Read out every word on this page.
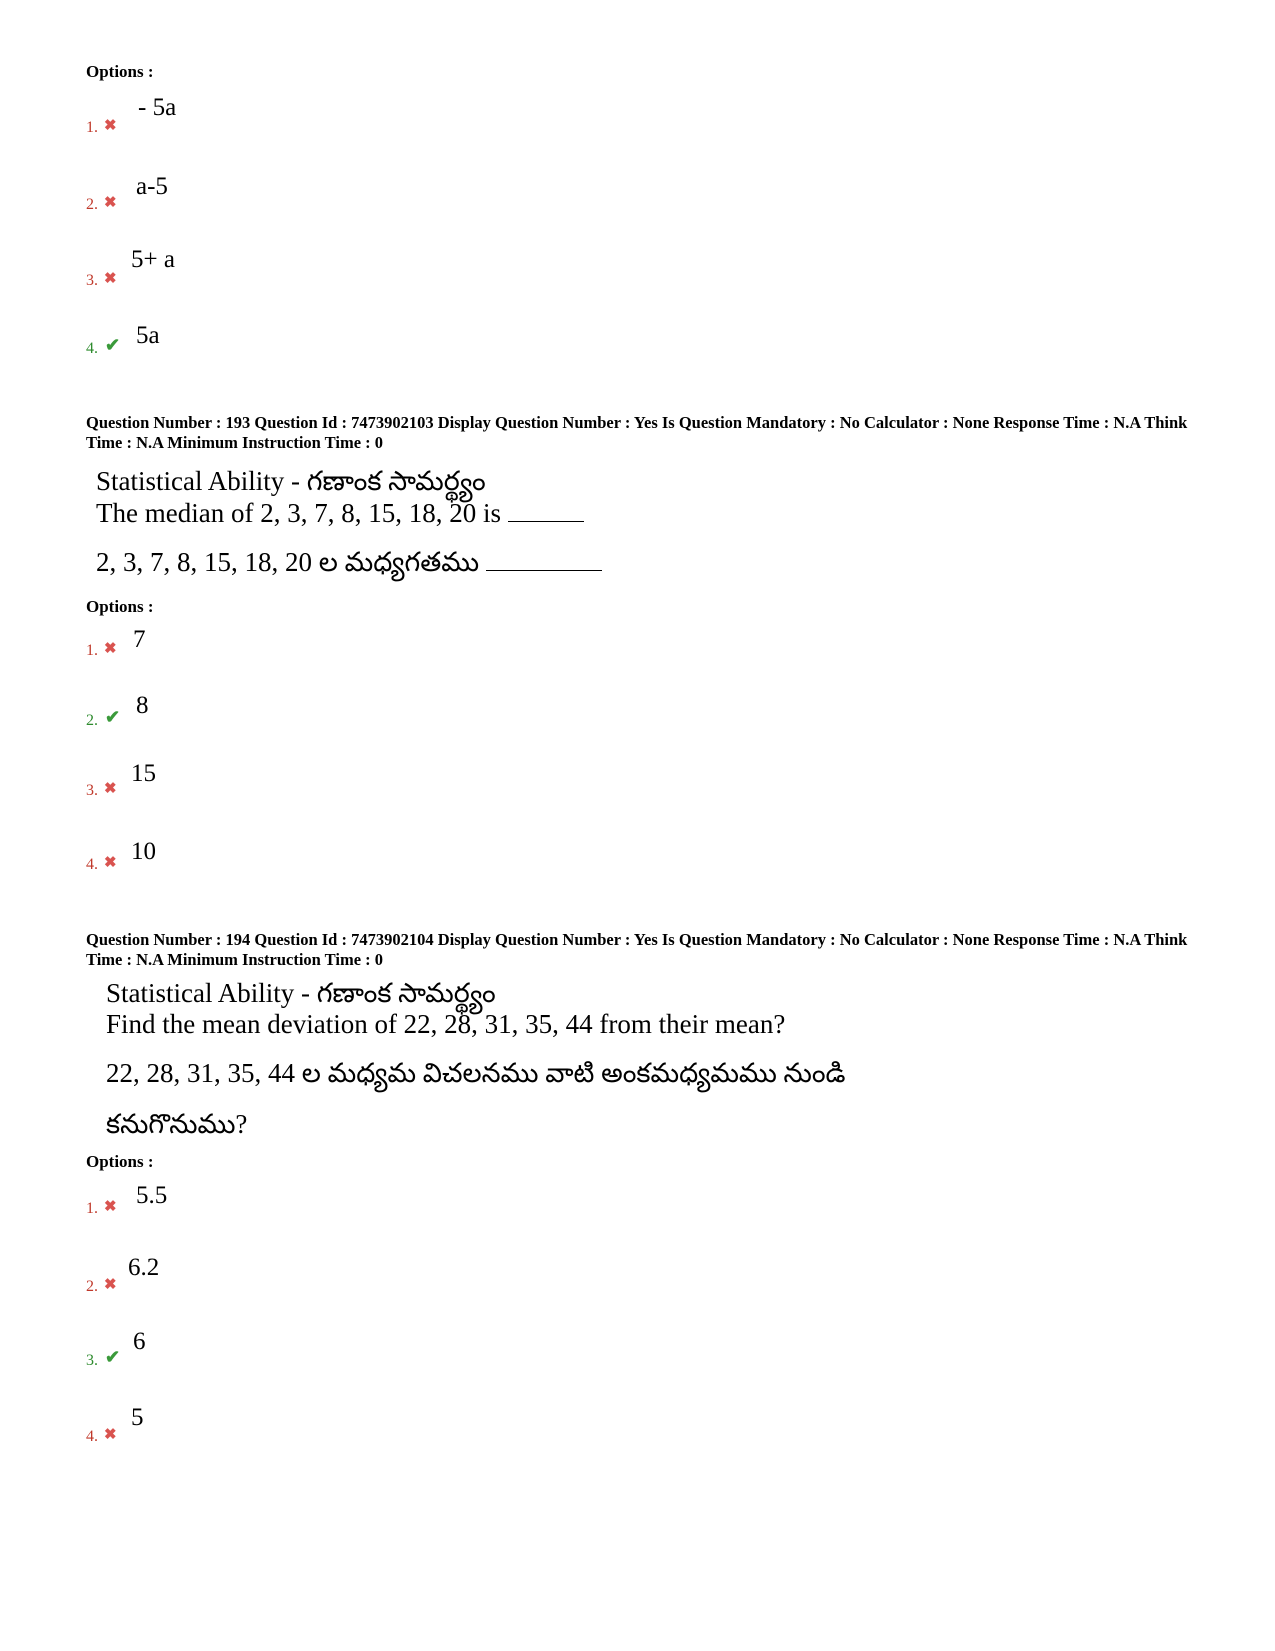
Options :
1. ✖
- 5a
2. ✖
a-5
3. ✖
5+ a
4. ✔ 5a
Question Number : 193 Question Id : 7473902103 Display Question Number : Yes Is Question Mandatory : No Calculator : None Response Time : N.A Think Time : N.A Minimum Instruction Time : 0
Statistical Ability - గణాంక సామర్థ్యం
The median of 2, 3, 7, 8, 15, 18, 20 is
2, 3, 7, 8, 15, 18, 20 ల మధ్యగతము
Options :
1. ✖ 7
2. ✔ 8
3. ✖
15
4. ✖ 10
Question Number : 194 Question Id : 7473902104 Display Question Number : Yes Is Question Mandatory : No Calculator : None Response Time : N.A Think Time : N.A Minimum Instruction Time : 0
Statistical Ability - గణాంక సామర్థ్యం
Find the mean deviation of 22, 28, 31, 35, 44 from their mean?
22, 28, 31, 35, 44 ల మధ్యమ విచలనము వాటి అంకమధ్యమము నుండి
కనుగొనుము?
Options :
1. ✖ 5.5
2. ✖
6.2
3. ✔
6
4. ✖
5
